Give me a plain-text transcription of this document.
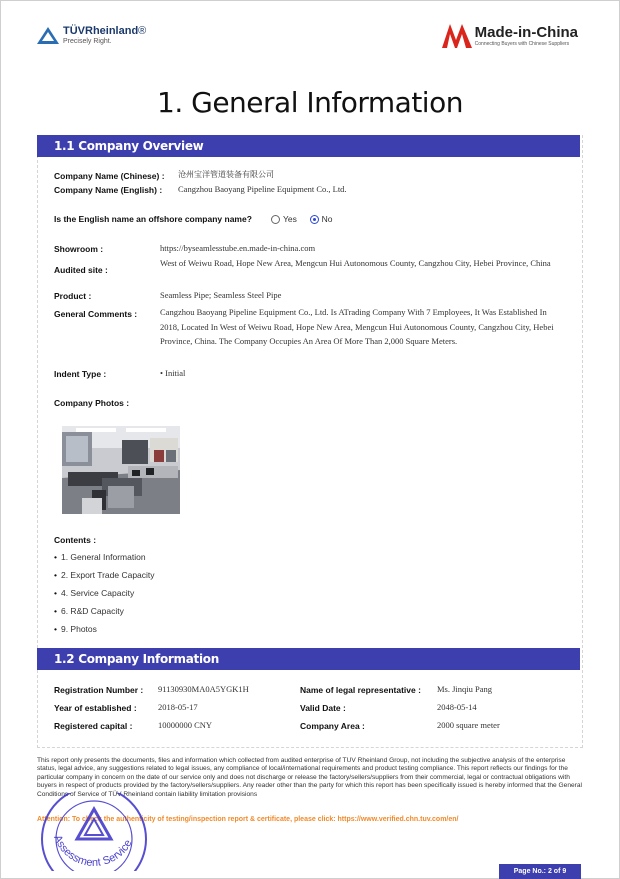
TÜVRheinland®
Precisely Right.
Made-in-China
Connecting Buyers with Chinese Suppliers
1. General Information
1.1 Company Overview
Company Name (Chinese) : 沧州宝洋管道装备有限公司
Company Name (English) : Cangzhou Baoyang Pipeline Equipment Co., Ltd.
Is the English name an offshore company name?	Yes	No
Showroom :	https://byseamlesstube.en.made-in-china.com
Audited site :
West of Weiwu Road, Hope New Area, Mengcun Hui Autonomous County, Cangzhou City, Hebei Province, China
Product :	Seamless Pipe; Seamless Steel Pipe
General Comments :	Cangzhou Baoyang Pipeline Equipment Co., Ltd. Is ATrading Company With 7 Employees, It Was Established In 2018, Located In West of Weiwu Road, Hope New Area, Mengcun Hui Autonomous County, Cangzhou City, Hebei Province, China. The Company Occupies An Area Of More Than 2,000 Square Meters.
Indent Type :	• Initial
Company Photos :
Contents :
• 1. General Information
• 2. Export Trade Capacity
• 4. Service Capacity
• 6. R&D Capacity
• 9. Photos
1.2 Company Information
Registration Number : 91130930MA0A5YGK1H
Year of established :	2018-05-17
Registered capital :	10000000 CNY
Name of legal representative : Ms. Jinqiu Pang
Valid Date :	2048-05-14
Company Area :	2000 square meter
This report only presents the documents, files and information which collected from audited enterprise of TUV Rheinland Group, not including the subjective analysis of the enterprise status, legal advice, any suggestions related to legal issues, any compliance of local/international requirements and product testing compliance. This report reflects our findings for the particular company in concern on the date of our service only and does not discharge or release the factory/sellers/suppliers from their commercial, legal or contractual obligations with buyers in respect of products provided by the factory/sellers/suppliers. Any reader other than the party for which this report has been specifically issued is hereby informed that the General Conditions of Service of TÜV Rheinland contain liability limitation provisions
Attention: To check the authenticity of testing/inspection report & certificate, please click: https://www.verified.chn.tuv.com/en/
Assessment Service
Page No.: 2 of 9
